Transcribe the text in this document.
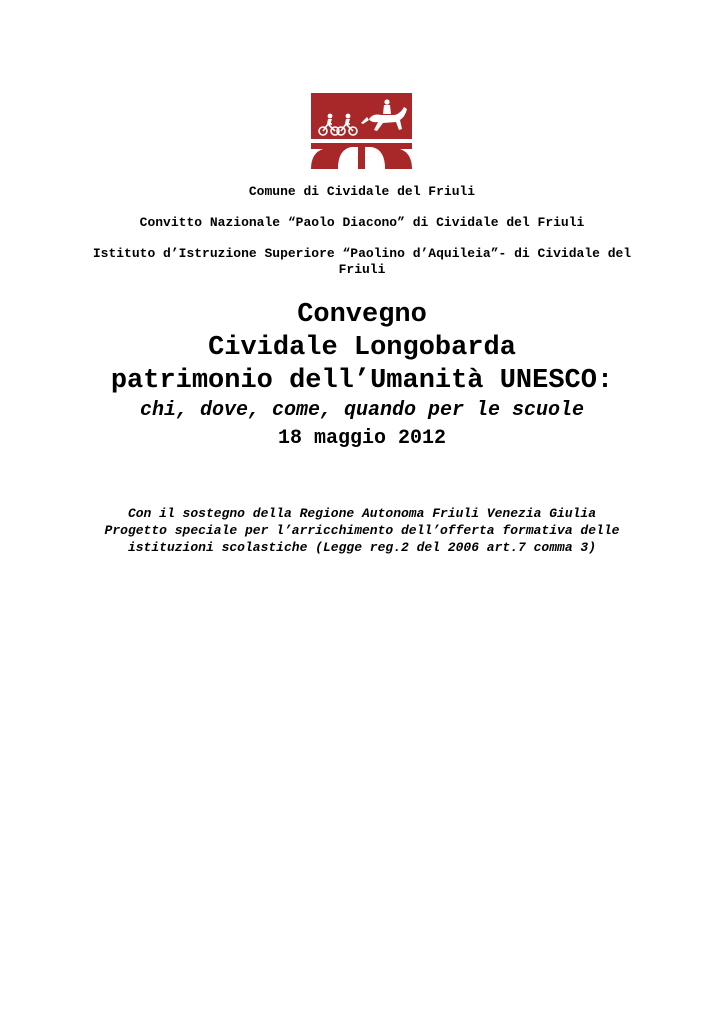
Comune di Cividale del Friuli
Convitto Nazionale “Paolo Diacono” di Cividale del Friuli
Istituto d’Istruzione Superiore “Paolino d’Aquileia”- di Cividale del
Friuli
Convegno
Cividale Longobarda
patrimonio dell’Umanità UNESCO:
chi, dove, come, quando per le scuole
18 maggio 2012
Con il sostegno della Regione Autonoma Friuli Venezia Giulia
Progetto speciale per l’arricchimento dell’offerta formativa delle
istituzioni scolastiche (Legge reg.2 del 2006 art.7 comma 3)
